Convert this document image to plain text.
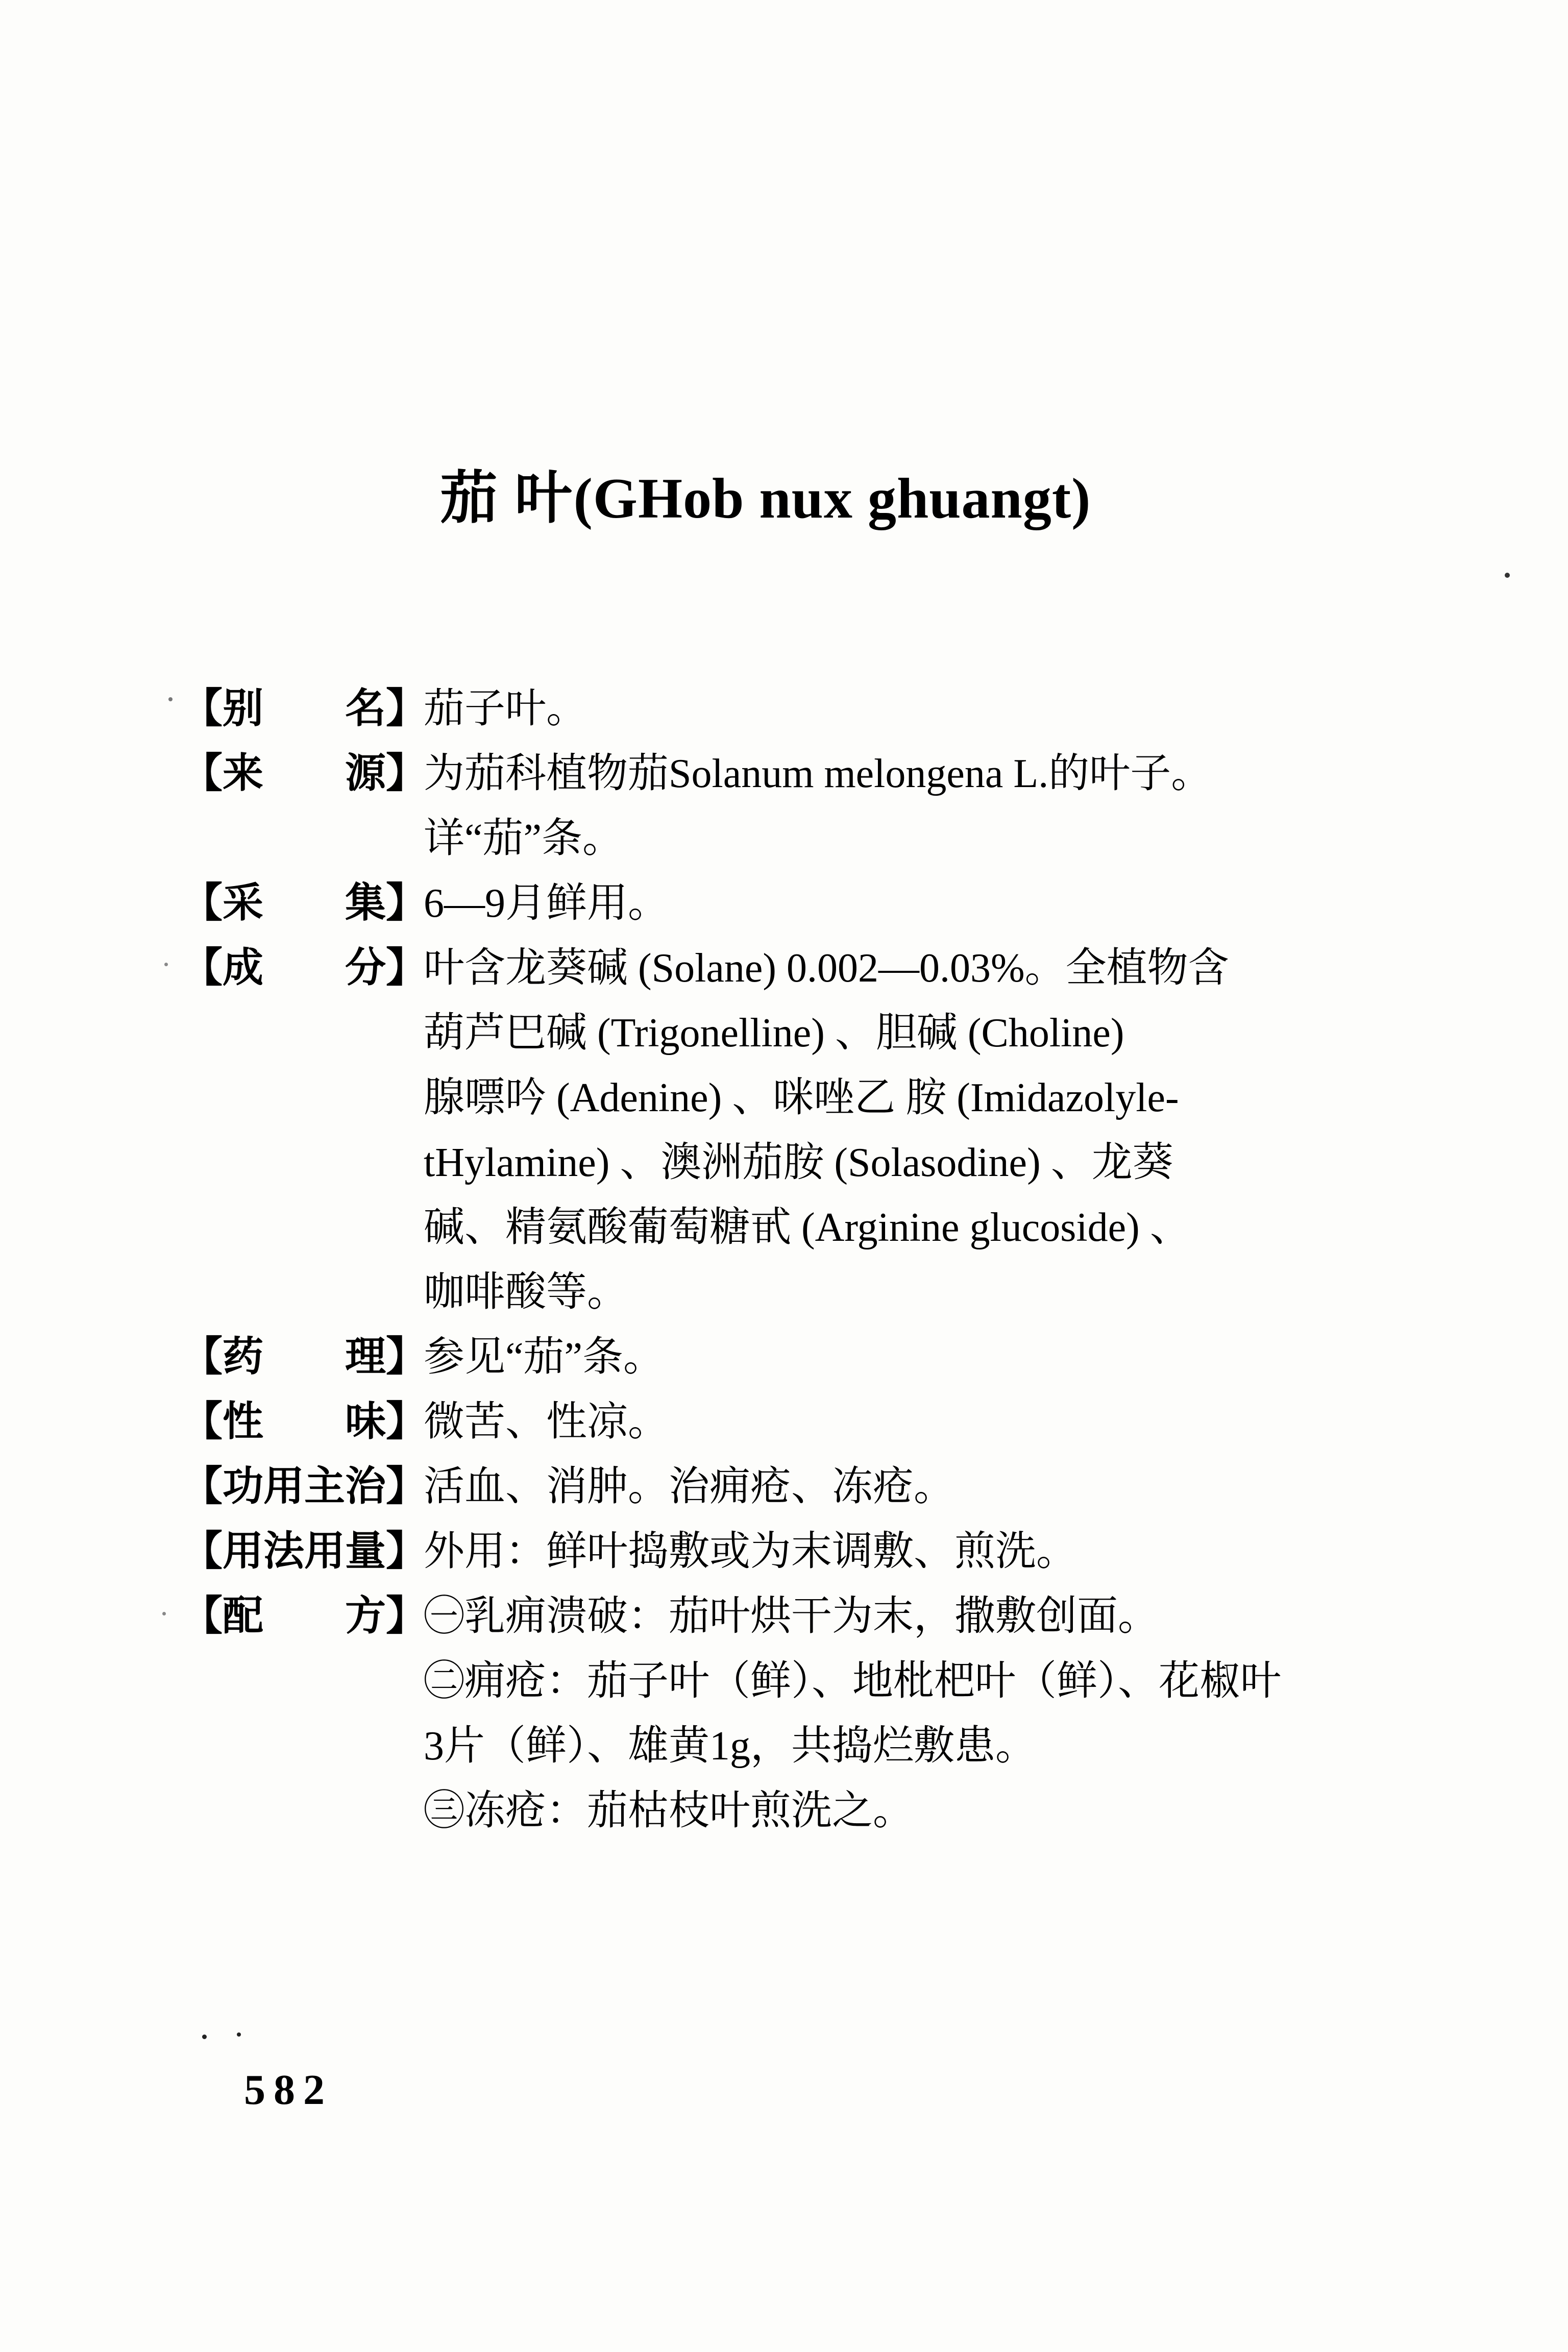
茄 叶(GHob nux ghuangt)
【别　　名】
茄子叶。
【来　　源】
为茄科植物茄Solanum melongena L.的叶子。
详“茄”条。
【采　　集】
6—9月鲜用。
【成　　分】
叶含龙葵碱 (Solane) 0.002—0.03%。全植物含
葫芦巴碱 (Trigonelline) 、胆碱 (Choline)
腺嘌吟 (Adenine) 、咪唑乙 胺 (Imidazolyle-
tHylamine) 、澳洲茄胺 (Solasodine) 、龙葵
碱、精氨酸葡萄糖甙 (Arginine glucoside) 、
咖啡酸等。
【药　　理】
参见“茄”条。
【性　　味】
微苦、性凉。
【功用主治】
活血、消肿。治痈疮、冻疮。
【用法用量】
外用：鲜叶捣敷或为末调敷、煎洗。
【配　　方】
㊀乳痈溃破：茄叶烘干为末，撒敷创面。
㊁痈疮：茄子叶（鲜）、地枇杷叶（鲜）、花椒叶
3片（鲜）、雄黄1g，共捣烂敷患。
㊂冻疮：茄枯枝叶煎洗之。
582
